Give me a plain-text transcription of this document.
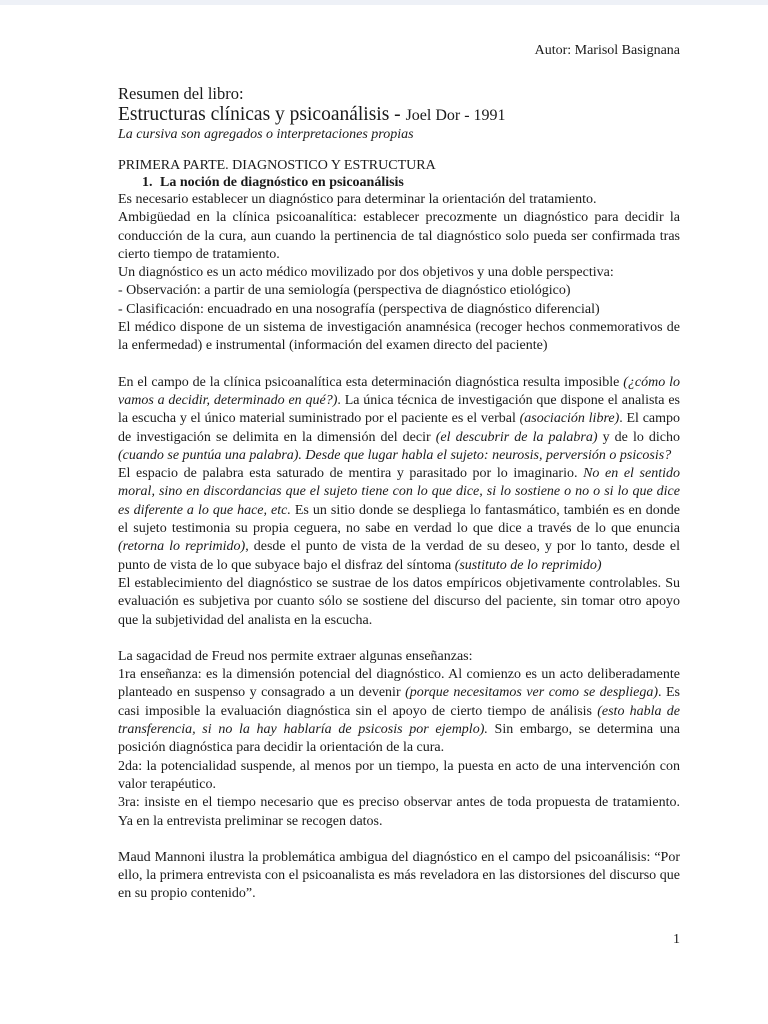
Autor: Marisol Basignana
Resumen del libro:
Estructuras clínicas y psicoanálisis - Joel Dor - 1991
La cursiva son agregados o interpretaciones propias
PRIMERA PARTE. DIAGNOSTICO Y ESTRUCTURA
1. La noción de diagnóstico en psicoanálisis

Es necesario establecer un diagnóstico para determinar la orientación del tratamiento.

Ambigüedad en la clínica psicoanalítica: establecer precozmente un diagnóstico para decidir la conducción de la cura, aun cuando la pertinencia de tal diagnóstico solo pueda ser confirmada tras cierto tiempo de tratamiento.

Un diagnóstico es un acto médico movilizado por dos objetivos y una doble perspectiva:

- Observación: a partir de una semiología (perspectiva de diagnóstico etiológico)

- Clasificación: encuadrado en una nosografía (perspectiva de diagnóstico diferencial)

El médico dispone de un sistema de investigación anamnésica (recoger hechos conmemorativos de la enfermedad) e instrumental (información del examen directo del paciente)

En el campo de la clínica psicoanalítica esta determinación diagnóstica resulta imposible (¿cómo lo vamos a decidir, determinado en qué?). La única técnica de investigación que dispone el analista es la escucha y el único material suministrado por el paciente es el verbal (asociación libre). El campo de investigación se delimita en la dimensión del decir (el descubrir de la palabra) y de lo dicho (cuando se puntúa una palabra). Desde que lugar habla el sujeto: neurosis, perversión o psicosis?

El espacio de palabra esta saturado de mentira y parasitado por lo imaginario. No en el sentido moral, sino en discordancias que el sujeto tiene con lo que dice, si lo sostiene o no o si lo que dice es diferente a lo que hace, etc. Es un sitio donde se despliega lo fantasmático, también es en donde el sujeto testimonia su propia ceguera, no sabe en verdad lo que dice a través de lo que enuncia (retorna lo reprimido), desde el punto de vista de la verdad de su deseo, y por lo tanto, desde el punto de vista de lo que subyace bajo el disfraz del síntoma (sustituto de lo reprimido)

El establecimiento del diagnóstico se sustrae de los datos empíricos objetivamente controlables. Su evaluación es subjetiva por cuanto sólo se sostiene del discurso del paciente, sin tomar otro apoyo que la subjetividad del analista en la escucha.

La sagacidad de Freud nos permite extraer algunas enseñanzas:

1ra enseñanza: es la dimensión potencial del diagnóstico. Al comienzo es un acto deliberadamente planteado en suspenso y consagrado a un devenir (porque necesitamos ver como se despliega). Es casi imposible la evaluación diagnóstica sin el apoyo de cierto tiempo de análisis (esto habla de transferencia, si no la hay hablaría de psicosis por ejemplo). Sin embargo, se determina una posición diagnóstica para decidir la orientación de la cura.

2da: la potencialidad suspende, al menos por un tiempo, la puesta en acto de una intervención con valor terapéutico.

3ra: insiste en el tiempo necesario que es preciso observar antes de toda propuesta de tratamiento. Ya en la entrevista preliminar se recogen datos.

Maud Mannoni ilustra la problemática ambigua del diagnóstico en el campo del psicoanálisis: “Por ello, la primera entrevista con el psicoanalista es más reveladora en las distorsiones del discurso que en su propio contenido”.

1
